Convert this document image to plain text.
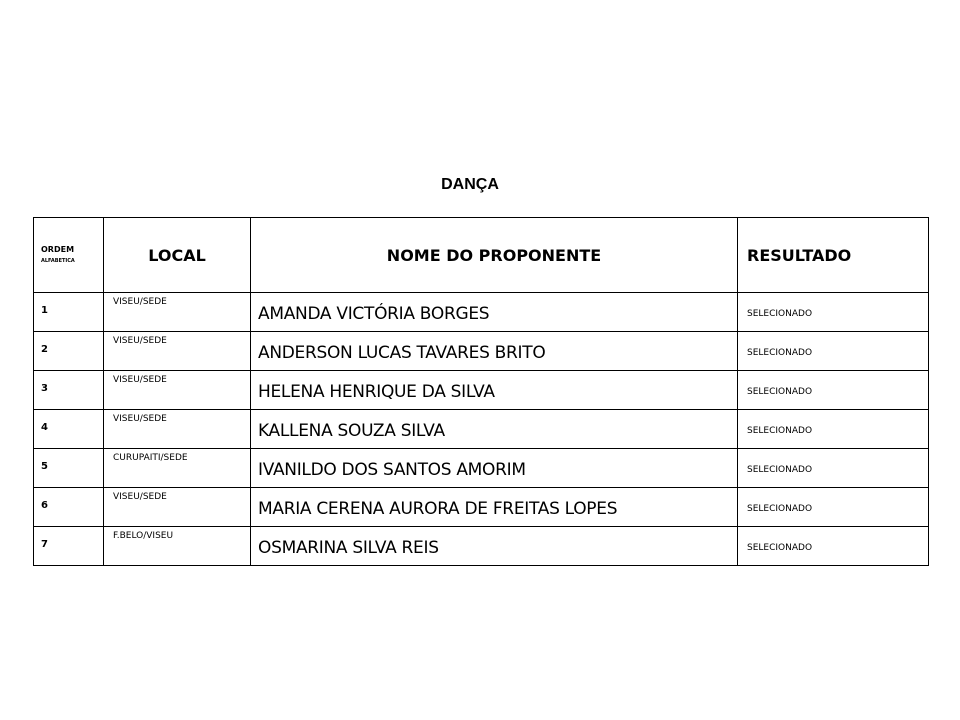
DANÇA
ORDEM
ALFABETICA	LOCAL	NOME DO PROPONENTE	RESULTADO

1	VISEU/SEDE	AMANDA VICTÓRIA BORGES	SELECIONADO

2	VISEU/SEDE	ANDERSON LUCAS TAVARES BRITO	SELECIONADO

3	VISEU/SEDE	HELENA HENRIQUE DA SILVA	SELECIONADO

4	VISEU/SEDE	KALLENA SOUZA SILVA	SELECIONADO

5	CURUPAITI/SEDE	IVANILDO DOS SANTOS AMORIM	SELECIONADO

6	VISEU/SEDE	MARIA CERENA AURORA DE FREITAS LOPES	SELECIONADO

7	F.BELO/VISEU	OSMARINA SILVA REIS	SELECIONADO
